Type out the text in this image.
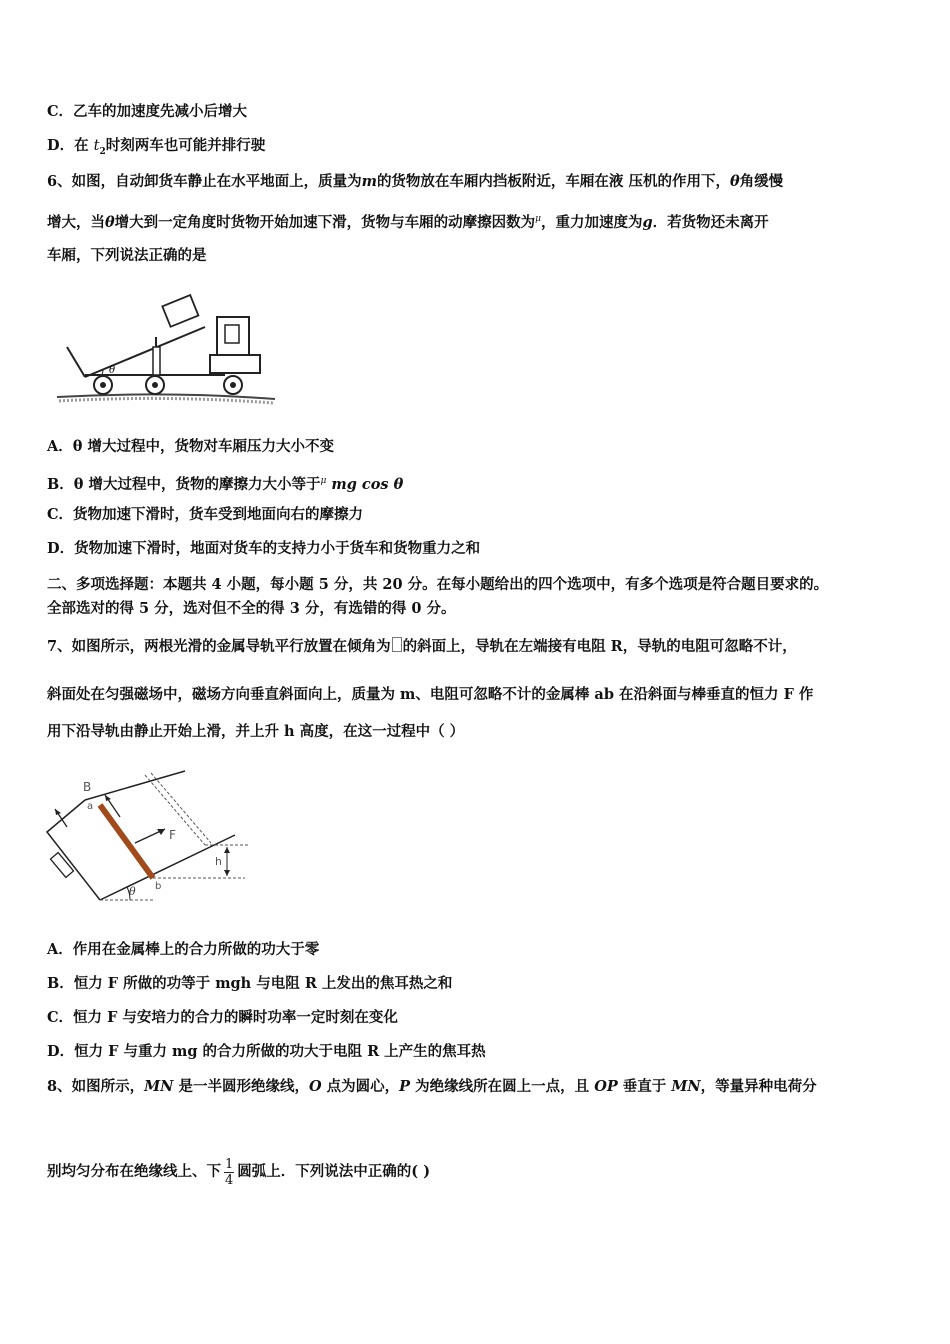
C．乙车的加速度先减小后增大
D．在 $t_2$时刻两车也可能并排行驶
6、如图，自动卸货车静止在水平地面上，质量为m的货物放在车厢内挡板附近，车厢在液 压机的作用下，θ角缓慢
增大，当θ增大到一定角度时货物开始加速下滑，货物与车厢的动摩擦因数为$^\mu$，重力加速度为g．若货物还未离开
车厢，下列说法正确的是
θ
A．θ 增大过程中，货物对车厢压力大小不变
B．θ 增大过程中，货物的摩擦力大小等于$^\mu$ mg cos θ
C．货物加速下滑时，货车受到地面向右的摩擦力
D．货物加速下滑时，地面对货车的支持力小于货车和货物重力之和
二、多项选择题：本题共 4 小题，每小题 5 分，共 20 分。在每小题给出的四个选项中，有多个选项是符合题目要求的。
全部选对的得 5 分，选对但不全的得 3 分，有选错的得 0 分。
7、如图所示，两根光滑的金属导轨平行放置在倾角为 的斜面上，导轨在左端接有电阻 R，导轨的电阻可忽略不计，
斜面处在匀强磁场中，磁场方向垂直斜面向上，质量为 m、电阻可忽略不计的金属棒 ab 在沿斜面与棒垂直的恒力 F 作
用下沿导轨由静止开始上滑，并上升 h 高度，在这一过程中（ ）
B
a
F
h
b
θ
A．作用在金属棒上的合力所做的功大于零
B．恒力 F 所做的功等于 mgh 与电阻 R 上发出的焦耳热之和
C．恒力 F 与安培力的合力的瞬时功率一定时刻在变化
D．恒力 F 与重力 mg 的合力所做的功大于电阻 R 上产生的焦耳热
8、如图所示，MN 是一半圆形绝缘线，O 点为圆心，P 为绝缘线所在圆上一点，且 OP 垂直于 MN，等量异种电荷分
别均匀分布在绝缘线上、下 $\frac{1}{4}$ 圆弧上．下列说法中正确的( )
